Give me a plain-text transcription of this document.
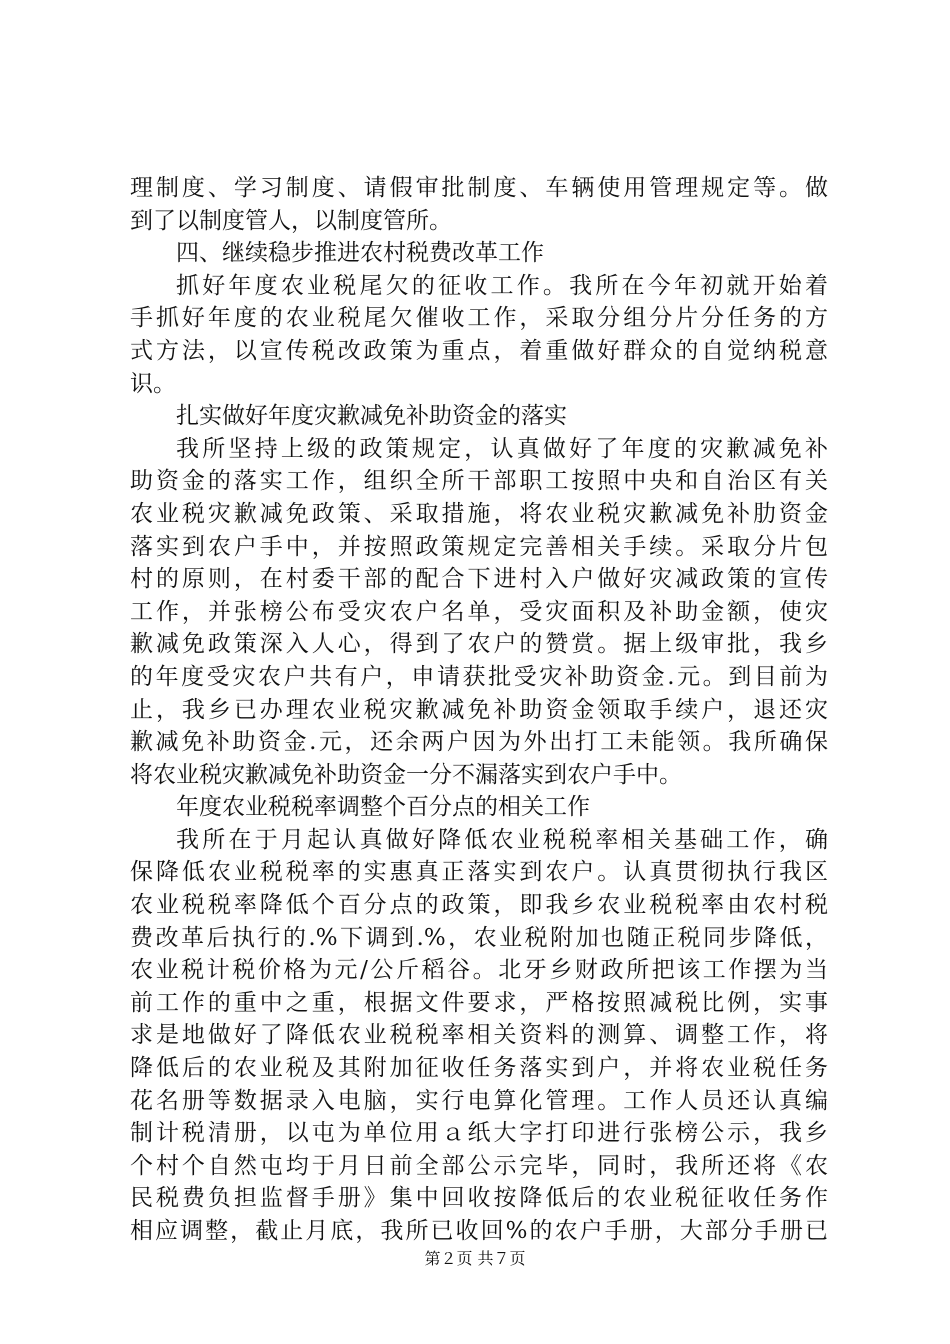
理制度、学习制度、请假审批制度、车辆使用管理规定等。做
到了以制度管人，以制度管所。
四、继续稳步推进农村税费改革工作
抓好年度农业税尾欠的征收工作。我所在今年初就开始着
手抓好年度的农业税尾欠催收工作，采取分组分片分任务的方
式方法，以宣传税改政策为重点，着重做好群众的自觉纳税意
识。
扎实做好年度灾歉减免补助资金的落实
我所坚持上级的政策规定，认真做好了年度的灾歉减免补
助资金的落实工作，组织全所干部职工按照中央和自治区有关
农业税灾歉减免政策、采取措施，将农业税灾歉减免补肋资金
落实到农户手中，并按照政策规定完善相关手续。采取分片包
村的原则，在村委干部的配合下进村入户做好灾减政策的宣传
工作，并张榜公布受灾农户名单，受灾面积及补助金额，使灾
歉减免政策深入人心，得到了农户的赞赏。据上级审批，我乡
的年度受灾农户共有户，申请获批受灾补助资金.元。到目前为
止，我乡已办理农业税灾歉减免补助资金领取手续户，退还灾
歉减免补助资金.元，还余两户因为外出打工未能领。我所确保
将农业税灾歉减免补助资金一分不漏落实到农户手中。
年度农业税税率调整个百分点的相关工作
我所在于月起认真做好降低农业税税率相关基础工作，确
保降低农业税税率的实惠真正落实到农户。认真贯彻执行我区
农业税税率降低个百分点的政策，即我乡农业税税率由农村税
费改革后执行的.%下调到.%，农业税附加也随正税同步降低，
农业税计税价格为元/公斤稻谷。北牙乡财政所把该工作摆为当
前工作的重中之重，根据文件要求，严格按照减税比例，实事
求是地做好了降低农业税税率相关资料的测算、调整工作，将
降低后的农业税及其附加征收任务落实到户，并将农业税任务
花名册等数据录入电脑，实行电算化管理。工作人员还认真编
制计税清册，以屯为单位用ａ纸大字打印进行张榜公示，我乡
个村个自然屯均于月日前全部公示完毕，同时，我所还将《农
民税费负担监督手册》集中回收按降低后的农业税征收任务作
相应调整，截止月底，我所已收回%的农户手册，大部分手册已
第２页 共７页
